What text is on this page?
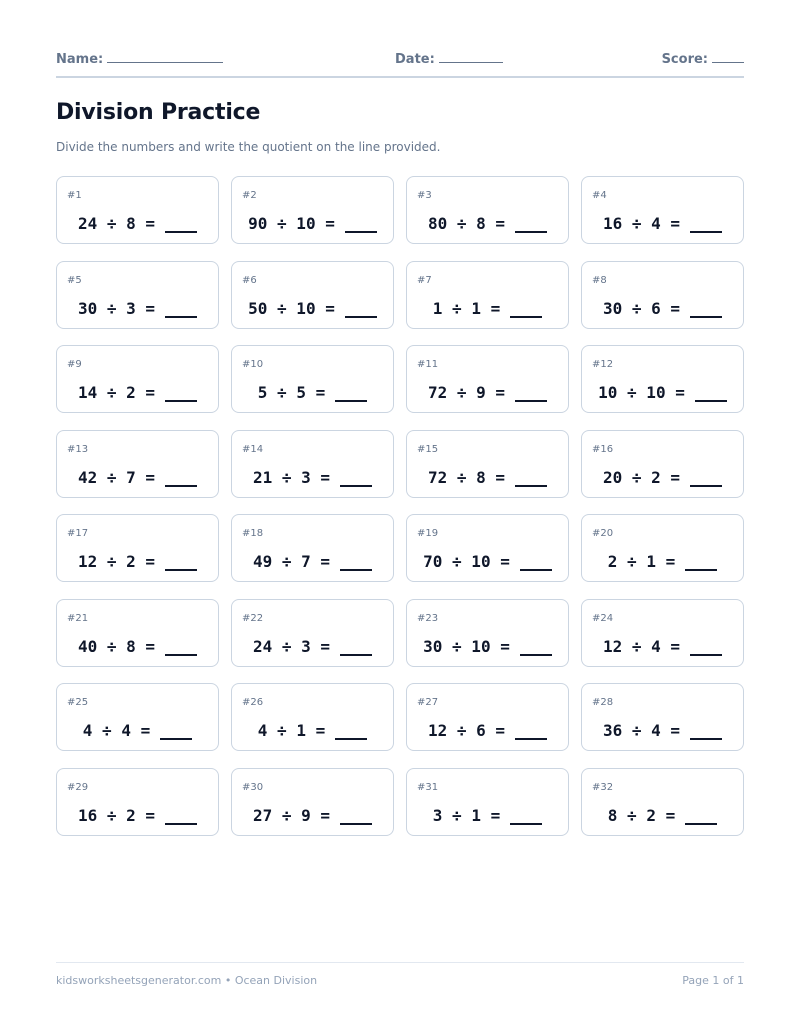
Name:	Date:	Score:
Division Practice

Divide the numbers and write the quotient on the line provided.

#1
24 ÷ 8 =
#2
90 ÷ 10 =
#3
80 ÷ 8 =
#4
16 ÷ 4 =
#5
30 ÷ 3 =
#6
50 ÷ 10 =
#7
1 ÷ 1 =
#8
30 ÷ 6 =
#9
14 ÷ 2 =
#10
5 ÷ 5 =
#11
72 ÷ 9 =
#12
10 ÷ 10 =
#13
42 ÷ 7 =
#14
21 ÷ 3 =
#15
72 ÷ 8 =
#16
20 ÷ 2 =
#17
12 ÷ 2 =
#18
49 ÷ 7 =
#19
70 ÷ 10 =
#20
2 ÷ 1 =
#21
40 ÷ 8 =
#22
24 ÷ 3 =
#23
30 ÷ 10 =
#24
12 ÷ 4 =
#25
4 ÷ 4 =
#26
4 ÷ 1 =
#27
12 ÷ 6 =
#28
36 ÷ 4 =
#29
16 ÷ 2 =
#30
27 ÷ 9 =
#31
3 ÷ 1 =
#32
8 ÷ 2 =
kidsworksheetsgenerator.com • Ocean Division	Page 1 of 1
